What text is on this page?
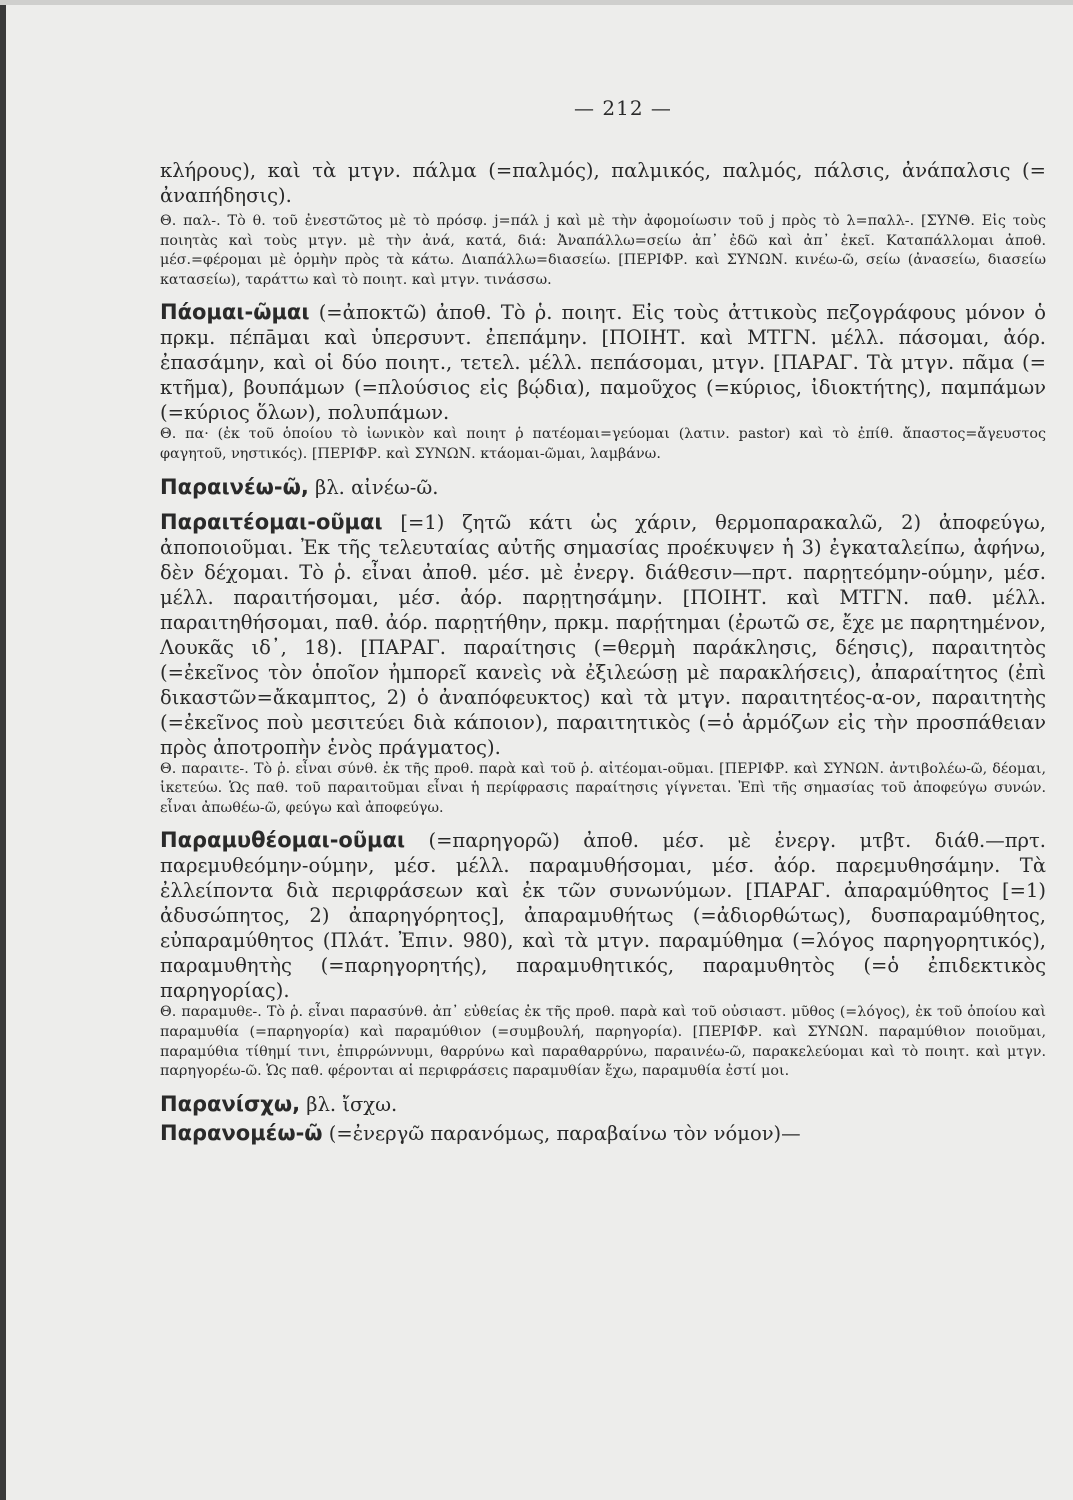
— 212 —

κλήρους), καὶ τὰ μτγν. πάλμα (=παλμός), παλμικός, παλμός, πάλσις, ἀνάπαλσις (= ἀναπήδησις).

Θ. παλ-. Τὸ θ. τοῦ ἐνεστῶτος μὲ τὸ πρόσφ. j=πάλ j καὶ μὲ τὴν ἀφομοίωσιν τοῦ j πρὸς τὸ λ=παλλ-. [ΣΥΝΘ. Εἰς τοὺς ποιητὰς καὶ τοὺς μτγν. μὲ τὴν ἀνά, κατά, διά: Ἀναπάλλω=σείω ἀπ᾽ ἐδῶ καὶ ἀπ᾽ ἐκεῖ. Καταπάλλομαι ἀποθ. μέσ.=φέρομαι μὲ ὁρμὴν πρὸς τὰ κάτω. Διαπάλλω=διασείω. [ΠΕΡΙΦΡ. καὶ ΣΥΝΩΝ. κινέω-ῶ, σείω (ἀνασείω, διασείω κατασείω), ταράττω καὶ τὸ ποιητ. καὶ μτγν. τινάσσω.

Πάομαι-ῶμαι (=ἀποκτῶ) ἀποθ. Τὸ ῥ. ποιητ. Εἰς τοὺς ἀττικοὺς πεζογράφους μόνον ὁ πρκμ. πέπāμαι καὶ ὑπερσυντ. ἐπεπάμην. [ΠΟΙΗΤ. καὶ ΜΤΓΝ. μέλλ. πάσομαι, ἀόρ. ἐπασάμην, καὶ οἱ δύο ποιητ., τετελ. μέλλ. πεπάσομαι, μτγν. [ΠΑΡΑΓ. Τὰ μτγν. πᾶμα (= κτῆμα), βουπάμων (=πλούσιος εἰς βῴδια), παμοῦχος (=κύριος, ἰδιοκτήτης), παμπάμων (=κύριος ὅλων), πολυπάμων.

Θ. πα· (ἐκ τοῦ ὁποίου τὸ ἰωνικὸν καὶ ποιητ ῥ πατέομαι=γεύομαι (λατιν. pastor) καὶ τὸ ἐπίθ. ἄπαστος=ἄγευστος φαγητοῦ, νηστικός). [ΠΕΡΙΦΡ. καὶ ΣΥΝΩΝ. κτάομαι-ῶμαι, λαμβάνω.

Παραινέω-ῶ, βλ. αἰνέω-ῶ.

Παραιτέομαι-οῦμαι [=1) ζητῶ κάτι ὡς χάριν, θερμοπαρακαλῶ, 2) ἀποφεύγω, ἀποποιοῦμαι. Ἐκ τῆς τελευταίας αὐτῆς σημασίας προέκυψεν ἡ 3) ἐγκαταλείπω, ἀφήνω, δὲν δέχομαι. Τὸ ῥ. εἶναι ἀποθ. μέσ. μὲ ἐνεργ. διάθεσιν—πρτ. παρῃτεόμην-ούμην, μέσ. μέλλ. παραιτήσομαι, μέσ. ἀόρ. παρῃτησάμην. [ΠΟΙΗΤ. καὶ ΜΤΓΝ. παθ. μέλλ. παραιτηθήσομαι, παθ. ἀόρ. παρῃτήθην, πρκμ. παρῄτημαι (ἐρωτῶ σε, ἔχε με παρητημένον, Λουκᾶς ιδ᾽, 18). [ΠΑΡΑΓ. παραίτησις (=θερμὴ παράκλησις, δέησις), παραιτητὸς (=ἐκεῖνος τὸν ὁποῖον ἠμπορεῖ κανεὶς νὰ ἐξιλεώσῃ μὲ παρακλήσεις), ἀπαραίτητος (ἐπὶ δικαστῶν=ἄκαμπτος, 2) ὁ ἀναπόφευκτος) καὶ τὰ μτγν. παραιτητέος-α-ον, παραιτητὴς (=ἐκεῖνος ποὺ μεσιτεύει διὰ κάποιον), παραιτητικὸς (=ὁ ἁρμόζων εἰς τὴν προσπάθειαν πρὸς ἀποτροπὴν ἑνὸς πράγματος).

Θ. παραιτε-. Τὸ ῥ. εἶναι σύνθ. ἐκ τῆς προθ. παρὰ καὶ τοῦ ῥ. αἰτέομαι-οῦμαι. [ΠΕΡΙΦΡ. καὶ ΣΥΝΩΝ. ἀντιβολέω-ῶ, δέομαι, ἱκετεύω. Ὡς παθ. τοῦ παραιτοῦμαι εἶναι ἡ περίφρασις παραίτησις γίγνεται. Ἐπὶ τῆς σημασίας τοῦ ἀποφεύγω συνών. εἶναι ἀπωθέω-ῶ, φεύγω καὶ ἀποφεύγω.

Παραμυθέομαι-οῦμαι (=παρηγορῶ) ἀποθ. μέσ. μὲ ἐνεργ. μτβτ. διάθ.—πρτ. παρεμυθεόμην-ούμην, μέσ. μέλλ. παραμυθήσομαι, μέσ. ἀόρ. παρεμυθησάμην. Τὰ ἐλλείποντα διὰ περιφράσεων καὶ ἐκ τῶν συνωνύμων. [ΠΑΡΑΓ. ἀπαραμύθητος [=1) ἀδυσώπητος, 2) ἀπαρηγόρητος], ἀπαραμυθήτως (=ἀδιορθώτως), δυσπαραμύθητος, εὐπαραμύθητος (Πλάτ. Ἐπιν. 980), καὶ τὰ μτγν. παραμύθημα (=λόγος παρηγορητικός), παραμυθητὴς (=παρηγορητής), παραμυθητικός, παραμυθητὸς (=ὁ ἐπιδεκτικὸς παρηγορίας).

Θ. παραμυθε-. Τὸ ῥ. εἶναι παρασύνθ. ἀπ᾽ εὐθείας ἐκ τῆς προθ. παρὰ καὶ τοῦ οὐσιαστ. μῦθος (=λόγος), ἐκ τοῦ ὁποίου καὶ παραμυθία (=παρηγορία) καὶ παραμύθιον (=συμβουλή, παρηγορία). [ΠΕΡΙΦΡ. καὶ ΣΥΝΩΝ. παραμύθιον ποιοῦμαι, παραμύθια τίθημί τινι, ἐπιρρώννυμι, θαρρύνω καὶ παραθαρρύνω, παραινέω-ῶ, παρακελεύομαι καὶ τὸ ποιητ. καὶ μτγν. παρηγορέω-ῶ. Ὡς παθ. φέρονται αἱ περιφράσεις παραμυθίαν ἔχω, παραμυθία ἐστί μοι.

Παρανίσχω, βλ. ἴσχω.

Παρανομέω-ῶ (=ἐνεργῶ παρανόμως, παραβαίνω τὸν νόμον)—
